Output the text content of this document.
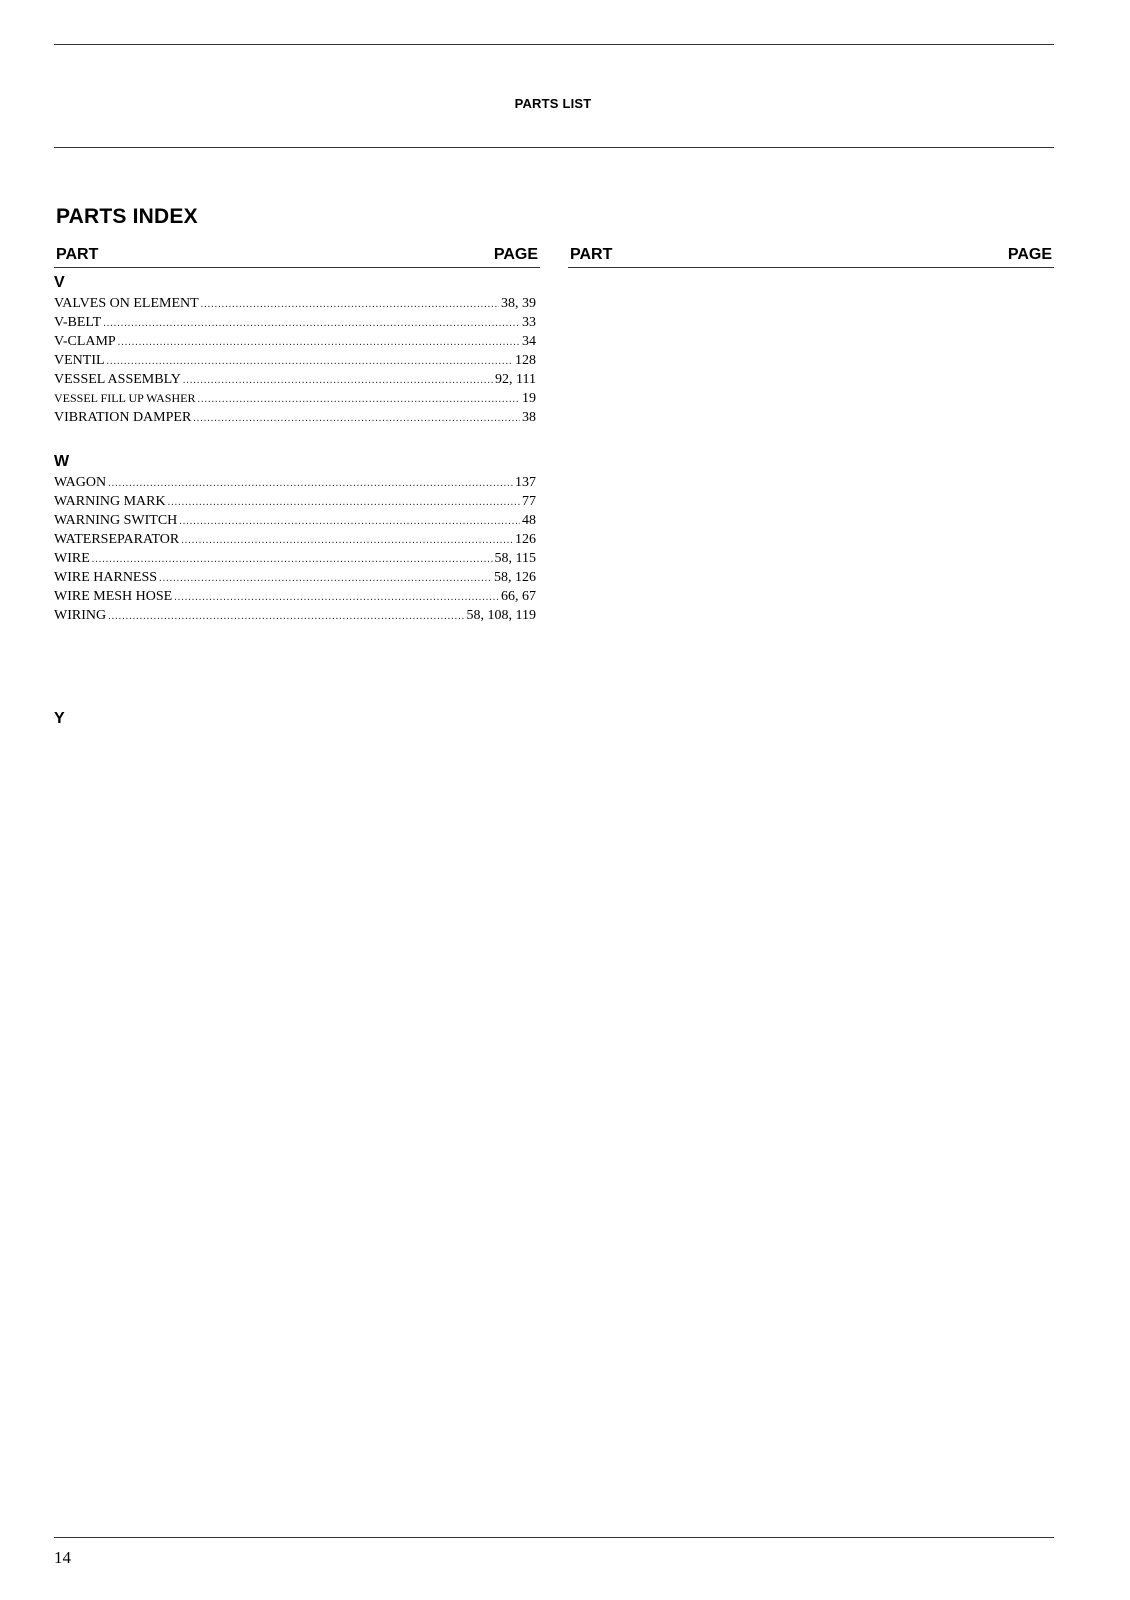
PARTS LIST
PARTS INDEX
PART	PAGE PART	PAGE
V
VALVES ON ELEMENT .....	38, 39
V-BELT .....	33
V-CLAMP .....	34
VENTIL .....	128
VESSEL ASSEMBLY .....	92, 111
VESSEL FILL UP WASHER .....	19
VIBRATION DAMPER .....	38
W
WAGON .....	137
WARNING MARK .....	77
WARNING SWITCH .....	48
WATERSEPARATOR .....	126
WIRE .....	58, 115
WIRE HARNESS .....	58, 126
WIRE MESH HOSE .....	66, 67
WIRING .....	58, 108, 119
Y
14
